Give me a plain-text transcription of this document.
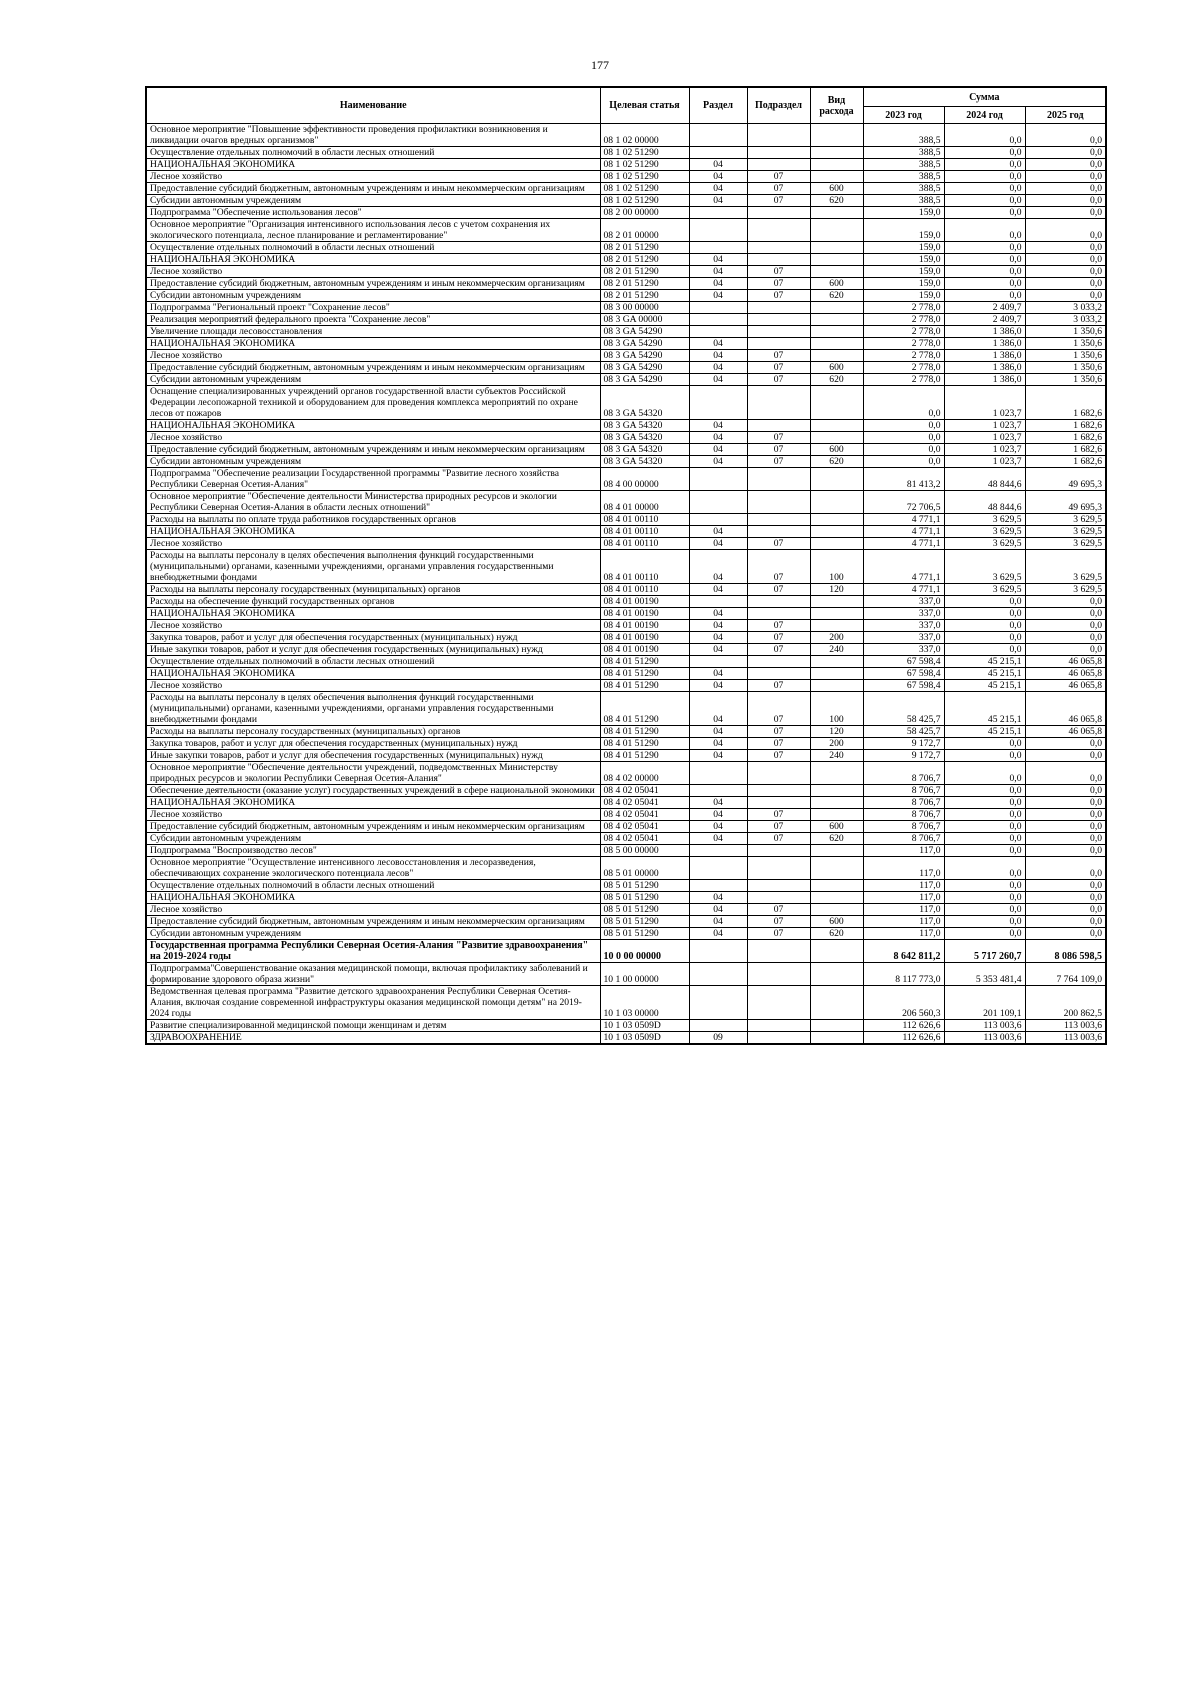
177
Наименование	Целевая статья	Раздел	Подраздел	Вид расхода	Сумма		
					2023 год	2024 год	2025 год
Основное мероприятие "Повышение эффективности проведения профилактики возникновения и ликвидации очагов вредных организмов"	08 1 02 00000				388,5	0,0	0,0
Осуществление отдельных полномочий в области лесных отношений	08 1 02 51290				388,5	0,0	0,0
НАЦИОНАЛЬНАЯ ЭКОНОМИКА	08 1 02 51290	04			388,5	0,0	0,0
Лесное хозяйство	08 1 02 51290	04	07		388,5	0,0	0,0
Предоставление субсидий бюджетным, автономным учреждениям и иным некоммерческим организациям	08 1 02 51290	04	07	600	388,5	0,0	0,0
Субсидии автономным учреждениям	08 1 02 51290	04	07	620	388,5	0,0	0,0
Подпрограмма "Обеспечение использования лесов"	08 2 00 00000				159,0	0,0	0,0
Основное мероприятие "Организация интенсивного использования лесов с учетом сохранения их экологического потенциала, лесное планирование и регламентирование"	08 2 01 00000				159,0	0,0	0,0
Осуществление отдельных полномочий в области лесных отношений	08 2 01 51290				159,0	0,0	0,0
НАЦИОНАЛЬНАЯ ЭКОНОМИКА	08 2 01 51290	04			159,0	0,0	0,0
Лесное хозяйство	08 2 01 51290	04	07		159,0	0,0	0,0
Предоставление субсидий бюджетным, автономным учреждениям и иным некоммерческим организациям	08 2 01 51290	04	07	600	159,0	0,0	0,0
Субсидии автономным учреждениям	08 2 01 51290	04	07	620	159,0	0,0	0,0
Подпрограмма "Региональный проект "Сохранение лесов"	08 3 00 00000				2 778,0	2 409,7	3 033,2
Реализация мероприятий федерального проекта "Сохранение лесов"	08 3 GA 00000				2 778,0	2 409,7	3 033,2
Увеличение площади лесовосстановления	08 3 GA 54290				2 778,0	1 386,0	1 350,6
НАЦИОНАЛЬНАЯ ЭКОНОМИКА	08 3 GA 54290	04			2 778,0	1 386,0	1 350,6
Лесное хозяйство	08 3 GA 54290	04	07		2 778,0	1 386,0	1 350,6
Предоставление субсидий бюджетным, автономным учреждениям и иным некоммерческим организациям	08 3 GA 54290	04	07	600	2 778,0	1 386,0	1 350,6
Субсидии автономным учреждениям	08 3 GA 54290	04	07	620	2 778,0	1 386,0	1 350,6
Оснащение специализированных учреждений органов государственной власти субъектов Российской Федерации лесопожарной техникой и оборудованием для проведения комплекса мероприятий по охране лесов от пожаров	08 3 GA 54320				0,0	1 023,7	1 682,6
НАЦИОНАЛЬНАЯ ЭКОНОМИКА	08 3 GA 54320	04			0,0	1 023,7	1 682,6
Лесное хозяйство	08 3 GA 54320	04	07		0,0	1 023,7	1 682,6
Предоставление субсидий бюджетным, автономным учреждениям и иным некоммерческим организациям	08 3 GA 54320	04	07	600	0,0	1 023,7	1 682,6
Субсидии автономным учреждениям	08 3 GA 54320	04	07	620	0,0	1 023,7	1 682,6
Подпрограмма "Обеспечение реализации Государственной программы "Развитие лесного хозяйства Республики Северная Осетия-Алания"	08 4 00 00000				81 413,2	48 844,6	49 695,3
Основное мероприятие "Обеспечение деятельности Министерства природных ресурсов и экологии Республики Северная Осетия-Алания в области лесных отношений"	08 4 01 00000				72 706,5	48 844,6	49 695,3
Расходы на выплаты по оплате труда работников государственных органов	08 4 01 00110				4 771,1	3 629,5	3 629,5
НАЦИОНАЛЬНАЯ ЭКОНОМИКА	08 4 01 00110	04			4 771,1	3 629,5	3 629,5
Лесное хозяйство	08 4 01 00110	04	07		4 771,1	3 629,5	3 629,5
Расходы на выплаты персоналу в целях обеспечения выполнения функций государственными (муниципальными) органами, казенными учреждениями, органами управления государственными внебюджетными фондами	08 4 01 00110	04	07	100	4 771,1	3 629,5	3 629,5
Расходы на выплаты персоналу государственных (муниципальных) органов	08 4 01 00110	04	07	120	4 771,1	3 629,5	3 629,5
Расходы на обеспечение функций государственных органов	08 4 01 00190				337,0	0,0	0,0
НАЦИОНАЛЬНАЯ ЭКОНОМИКА	08 4 01 00190	04			337,0	0,0	0,0
Лесное хозяйство	08 4 01 00190	04	07		337,0	0,0	0,0
Закупка товаров, работ и услуг для обеспечения государственных (муниципальных) нужд	08 4 01 00190	04	07	200	337,0	0,0	0,0
Иные закупки товаров, работ и услуг для обеспечения государственных (муниципальных) нужд	08 4 01 00190	04	07	240	337,0	0,0	0,0
Осуществление отдельных полномочий в области лесных отношений	08 4 01 51290				67 598,4	45 215,1	46 065,8
НАЦИОНАЛЬНАЯ ЭКОНОМИКА	08 4 01 51290	04			67 598,4	45 215,1	46 065,8
Лесное хозяйство	08 4 01 51290	04	07		67 598,4	45 215,1	46 065,8
Расходы на выплаты персоналу в целях обеспечения выполнения функций государственными (муниципальными) органами, казенными учреждениями, органами управления государственными внебюджетными фондами	08 4 01 51290	04	07	100	58 425,7	45 215,1	46 065,8
Расходы на выплаты персоналу государственных (муниципальных) органов	08 4 01 51290	04	07	120	58 425,7	45 215,1	46 065,8
Закупка товаров, работ и услуг для обеспечения государственных (муниципальных) нужд	08 4 01 51290	04	07	200	9 172,7	0,0	0,0
Иные закупки товаров, работ и услуг для обеспечения государственных (муниципальных) нужд	08 4 01 51290	04	07	240	9 172,7	0,0	0,0
Основное мероприятие "Обеспечение деятельности учреждений, подведомственных Министерству природных ресурсов и экологии Республики Северная Осетия-Алания"	08 4 02 00000				8 706,7	0,0	0,0
Обеспечение деятельности (оказание услуг) государственных учреждений в сфере национальной экономики	08 4 02 05041				8 706,7	0,0	0,0
НАЦИОНАЛЬНАЯ ЭКОНОМИКА	08 4 02 05041	04			8 706,7	0,0	0,0
Лесное хозяйство	08 4 02 05041	04	07		8 706,7	0,0	0,0
Предоставление субсидий бюджетным, автономным учреждениям и иным некоммерческим организациям	08 4 02 05041	04	07	600	8 706,7	0,0	0,0
Субсидии автономным учреждениям	08 4 02 05041	04	07	620	8 706,7	0,0	0,0
Подпрограмма "Воспроизводство лесов"	08 5 00 00000				117,0	0,0	0,0
Основное мероприятие "Осуществление интенсивного лесовосстановления и лесоразведения, обеспечивающих сохранение экологического потенциала лесов"	08 5 01 00000				117,0	0,0	0,0
Осуществление отдельных полномочий в области лесных отношений	08 5 01 51290				117,0	0,0	0,0
НАЦИОНАЛЬНАЯ ЭКОНОМИКА	08 5 01 51290	04			117,0	0,0	0,0
Лесное хозяйство	08 5 01 51290	04	07		117,0	0,0	0,0
Предоставление субсидий бюджетным, автономным учреждениям и иным некоммерческим организациям	08 5 01 51290	04	07	600	117,0	0,0	0,0
Субсидии автономным учреждениям	08 5 01 51290	04	07	620	117,0	0,0	0,0
Государственная программа Республики Северная Осетия-Алания "Развитие здравоохранения" на 2019-2024 годы	10 0 00 00000				8 642 811,2	5 717 260,7	8 086 598,5
Подпрограмма"Совершенствование оказания медицинской помощи, включая профилактику заболеваний и формирование здорового образа жизни"	10 1 00 00000				8 117 773,0	5 353 481,4	7 764 109,0
Ведомственная целевая программа "Развитие детского здравоохранения Республики Северная Осетия-Алания, включая создание современной инфраструктуры оказания медицинской помощи детям" на 2019-2024 годы	10 1 03 00000				206 560,3	201 109,1	200 862,5
Развитие специализированной медицинской помощи женщинам и детям	10 1 03 0509D				112 626,6	113 003,6	113 003,6
ЗДРАВООХРАНЕНИЕ	10 1 03 0509D	09			112 626,6	113 003,6	113 003,6
